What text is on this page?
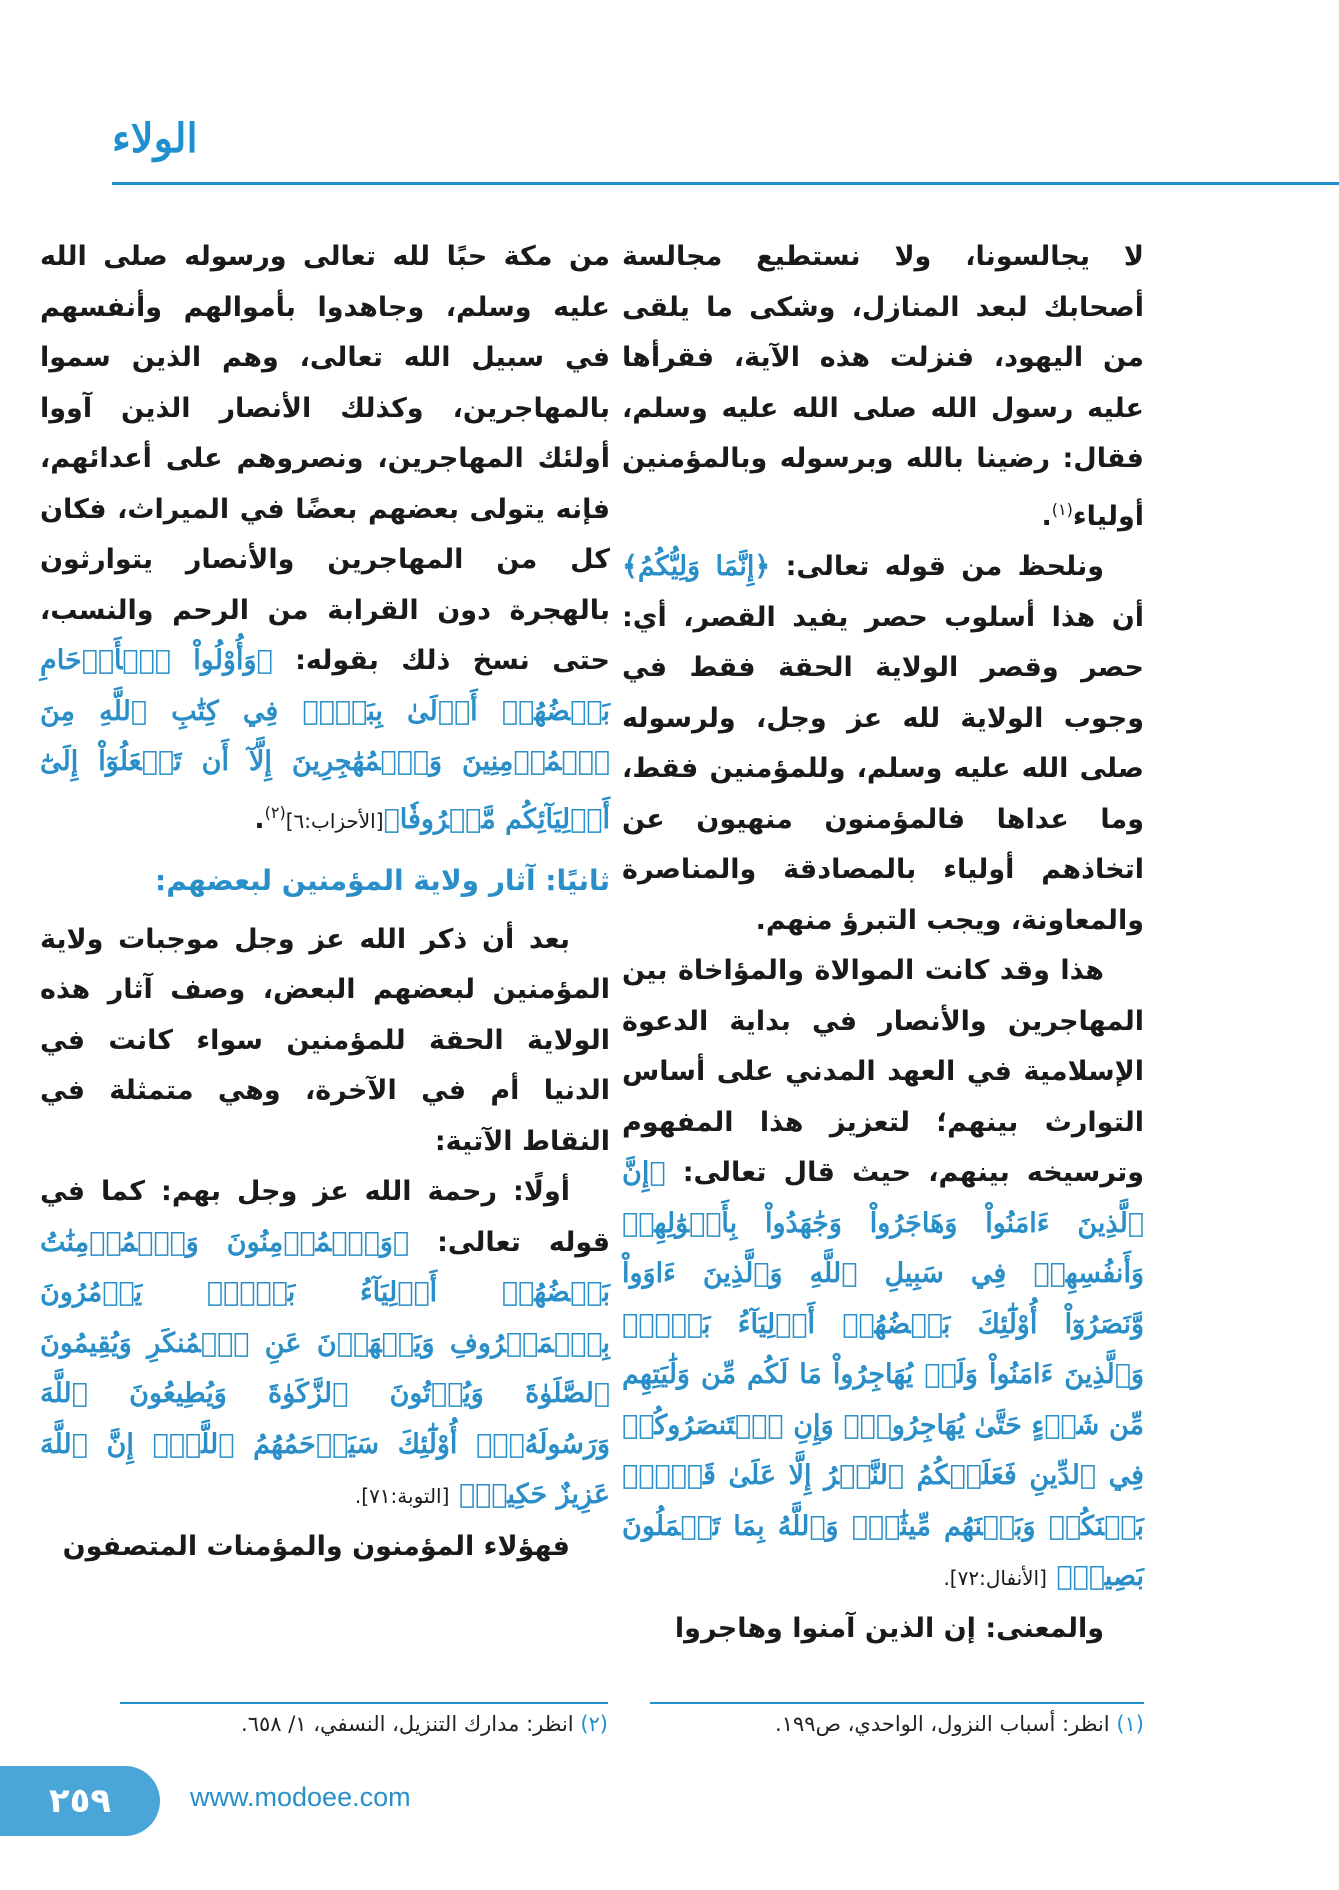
الولاء

لا يجالسونا، ولا نستطيع مجالسة أصحابك لبعد المنازل، وشكى ما يلقى من اليهود، فنزلت هذه الآية، فقرأها عليه رسول الله صلى الله عليه وسلم، فقال: رضينا بالله وبرسوله وبالمؤمنين أولياء$^{(١)}$.

ونلحظ من قوله تعالى: ﴿إِنَّمَا وَلِيُّكُمُ﴾ أن هذا أسلوب حصر يفيد القصر، أي: حصر وقصر الولاية الحقة فقط في وجوب الولاية لله عز وجل، ولرسوله صلى الله عليه وسلم، وللمؤمنين فقط، وما عداها فالمؤمنون منهيون عن اتخاذهم أولياء بالمصادقة والمناصرة والمعاونة، ويجب التبرؤ منهم.

هذا وقد كانت الموالاة والمؤاخاة بين المهاجرين والأنصار في بداية الدعوة الإسلامية في العهد المدني على أساس التوارث بينهم؛ لتعزيز هذا المفهوم وترسيخه بينهم، حيث قال تعالى: ﴿إِنَّ ٱلَّذِينَ ءَامَنُواْ وَهَاجَرُواْ وَجَٰهَدُواْ بِأَمۡوَٰلِهِمۡ وَأَنفُسِهِمۡ فِي سَبِيلِ ٱللَّهِ وَٱلَّذِينَ ءَاوَواْ وَّنَصَرُوٓاْ أُوْلَٰٓئِكَ بَعۡضُهُمۡ أَوۡلِيَآءُ بَعۡضٖۚ وَٱلَّذِينَ ءَامَنُواْ وَلَمۡ يُهَاجِرُواْ مَا لَكُم مِّن وَلَٰيَتِهِم مِّن شَيۡءٍ حَتَّىٰ يُهَاجِرُواْۚ وَإِنِ ٱسۡتَنصَرُوكُمۡ فِي ٱلدِّينِ فَعَلَيۡكُمُ ٱلنَّصۡرُ إِلَّا عَلَىٰ قَوۡمِۭ بَيۡنَكُمۡ وَبَيۡنَهُم مِّيثَٰقٞۗ وَٱللَّهُ بِمَا تَعۡمَلُونَ بَصِيرٞ﴾ [الأنفال:٧٢].

والمعنى: إن الذين آمنوا وهاجروا

من مكة حبًا لله تعالى ورسوله صلى الله عليه وسلم، وجاهدوا بأموالهم وأنفسهم في سبيل الله تعالى، وهم الذين سموا بالمهاجرين، وكذلك الأنصار الذين آووا أولئك المهاجرين، ونصروهم على أعدائهم، فإنه يتولى بعضهم بعضًا في الميراث، فكان كل من المهاجرين والأنصار يتوارثون بالهجرة دون القرابة من الرحم والنسب، حتى نسخ ذلك بقوله: ﴿وَأُوْلُواْ ٱلۡأَرۡحَامِ بَعۡضُهُمۡ أَوۡلَىٰ بِبَعۡضٖ فِي كِتَٰبِ ٱللَّهِ مِنَ ٱلۡمُؤۡمِنِينَ وَٱلۡمُهَٰجِرِينَ إِلَّآ أَن تَفۡعَلُوٓاْ إِلَىٰٓ أَوۡلِيَآئِكُم مَّعۡرُوفٗا﴾[الأحزاب:٦]$^{(٢)}$.

ثانيًا: آثار ولاية المؤمنين لبعضهم:

بعد أن ذكر الله عز وجل موجبات ولاية المؤمنين لبعضهم البعض، وصف آثار هذه الولاية الحقة للمؤمنين سواء كانت في الدنيا أم في الآخرة، وهي متمثلة في النقاط الآتية:

أولًا: رحمة الله عز وجل بهم: كما في قوله تعالى: ﴿وَٱلۡمُؤۡمِنُونَ وَٱلۡمُؤۡمِنَٰتُ بَعۡضُهُمۡ أَوۡلِيَآءُ بَعۡضٖۚ يَأۡمُرُونَ بِٱلۡمَعۡرُوفِ وَيَنۡهَوۡنَ عَنِ ٱلۡمُنكَرِ وَيُقِيمُونَ ٱلصَّلَوٰةَ وَيُؤۡتُونَ ٱلزَّكَوٰةَ وَيُطِيعُونَ ٱللَّهَ وَرَسُولَهُۥٓۚ أُوْلَٰٓئِكَ سَيَرۡحَمُهُمُ ٱللَّهُۗ إِنَّ ٱللَّهَ عَزِيزٌ حَكِيمٞ﴾ [التوبة:٧١].

فهؤلاء المؤمنون والمؤمنات المتصفون

(١) انظر: أسباب النزول، الواحدي، ص١٩٩.
(٢) انظر: مدارك التنزيل، النسفي، ١/ ٦٥٨.
٢٥٩	www.modoee.com
